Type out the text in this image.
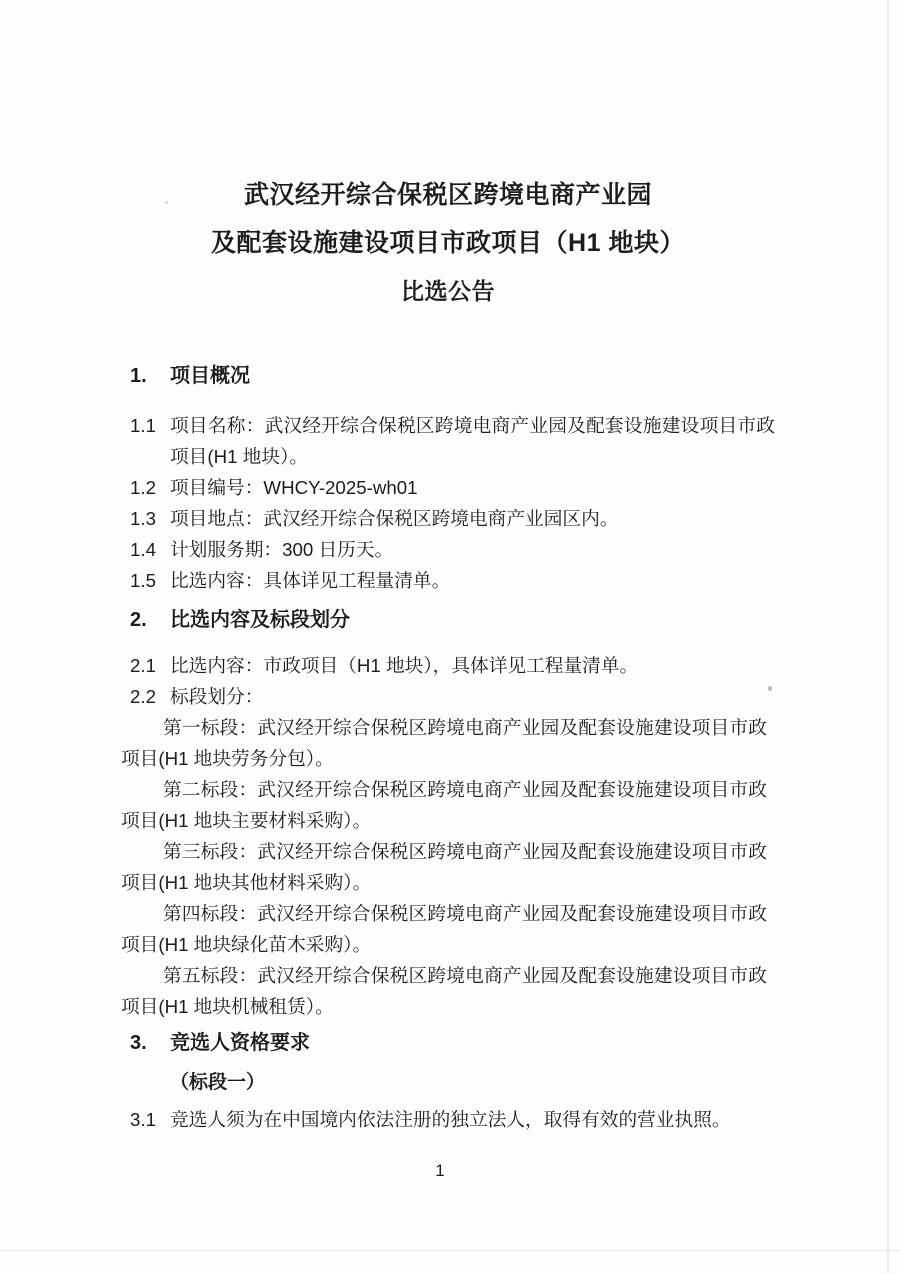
武汉经开综合保税区跨境电商产业园
及配套设施建设项目市政项目（H1 地块）
比选公告
1.	项目概况
1.1 项目名称：武汉经开综合保税区跨境电商产业园及配套设施建设项目市政项目(H1 地块）。
1.2 项目编号：WHCY-2025-wh01
1.3 项目地点：武汉经开综合保税区跨境电商产业园区内。
1.4 计划服务期：300 日历天。
1.5 比选内容：具体详见工程量清单。
2.	比选内容及标段划分
2.1 比选内容：市政项目（H1 地块），具体详见工程量清单。
2.2 标段划分：
第一标段：武汉经开综合保税区跨境电商产业园及配套设施建设项目市政项目(H1 地块劳务分包）。
第二标段：武汉经开综合保税区跨境电商产业园及配套设施建设项目市政项目(H1 地块主要材料采购）。
第三标段：武汉经开综合保税区跨境电商产业园及配套设施建设项目市政项目(H1 地块其他材料采购）。
第四标段：武汉经开综合保税区跨境电商产业园及配套设施建设项目市政项目(H1 地块绿化苗木采购）。
第五标段：武汉经开综合保税区跨境电商产业园及配套设施建设项目市政项目(H1 地块机械租赁）。
3.	竞选人资格要求
（标段一）
3.1 竞选人须为在中国境内依法注册的独立法人，取得有效的营业执照。
1
